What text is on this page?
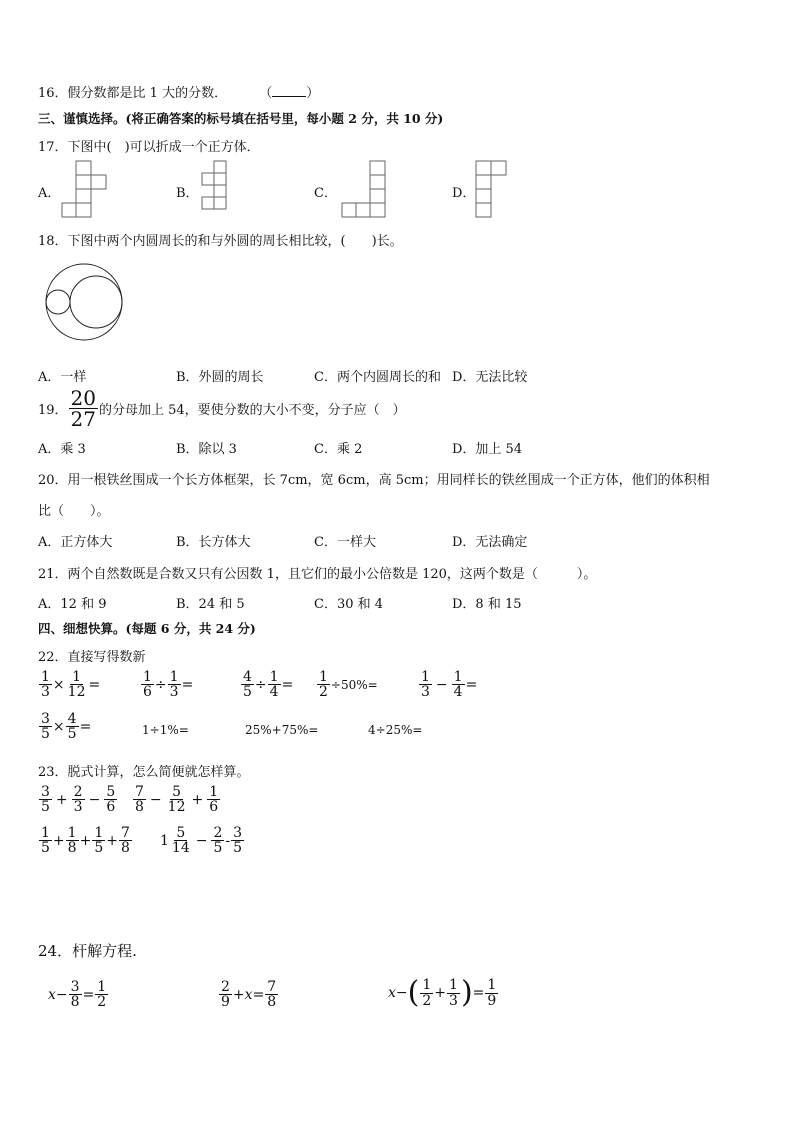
16．假分数都是比 1 大的分数． （	）
三、谨慎选择。(将正确答案的标号填在括号里，每小题 2 分，共 10 分)
17．下图中(　)可以折成一个正方体．
A．	B．	C．	D．
18．下图中两个内圆周长的和与外圆的周长相比较，(　　)长。
A．一样	B．外圆的周长	C．两个内圆周长的和 D．无法比较
19． $\frac{20}{27}$ 的分母加上 54，要使分数的大小不变，分子应（　）
A．乘 3	B．除以 3	C．乘 2	D．加上 54
20．用一根铁丝围成一个长方体框架，长 7cm，宽 6cm，高 5cm；用同样长的铁丝围成一个正方体，他们的体积相
比（　　）。
A．正方体大	B．长方体大	C．一样大	D．无法确定
21．两个自然数既是合数又只有公因数 1，且它们的最小公倍数是 120，这两个数是（　　　）。
A．12 和 9	B．24 和 5	C．30 和 4	D．8 和 15
四、细想快算。(每题 6 分，共 24 分)
22．直接写得数新
$\frac{1}{3} \times \frac{1}{12}$ =	$\frac{1}{6} \div \frac{1}{3}$ =	$\frac{4}{5} \div \frac{1}{4} = \frac{1}{2} \div 50\%=$	$\frac{1}{3} - \frac{1}{4}$ =
$\frac{3}{5} \times \frac{4}{5}$ =	1÷1%=	25%+75%=	4÷25%=
23．脱式计算，怎么简便就怎样算。
$\frac{3}{5} + \frac{2}{3} - \frac{5}{6} \frac{7}{8} - \frac{5}{12} + \frac{1}{6}$
$\frac{1}{5} + \frac{1}{8} + \frac{1}{5} + \frac{7}{8} 1 \frac{5}{14} - \frac{2}{5} - \frac{3}{5}$
24．杆解方程.
$x - \frac{3}{8} = \frac{1}{2}$	$\frac{2}{9} + x = \frac{7}{8}$	x − ( $\frac{1}{2} + \frac{1}{3}$ ) = $\frac{1}{9}$
